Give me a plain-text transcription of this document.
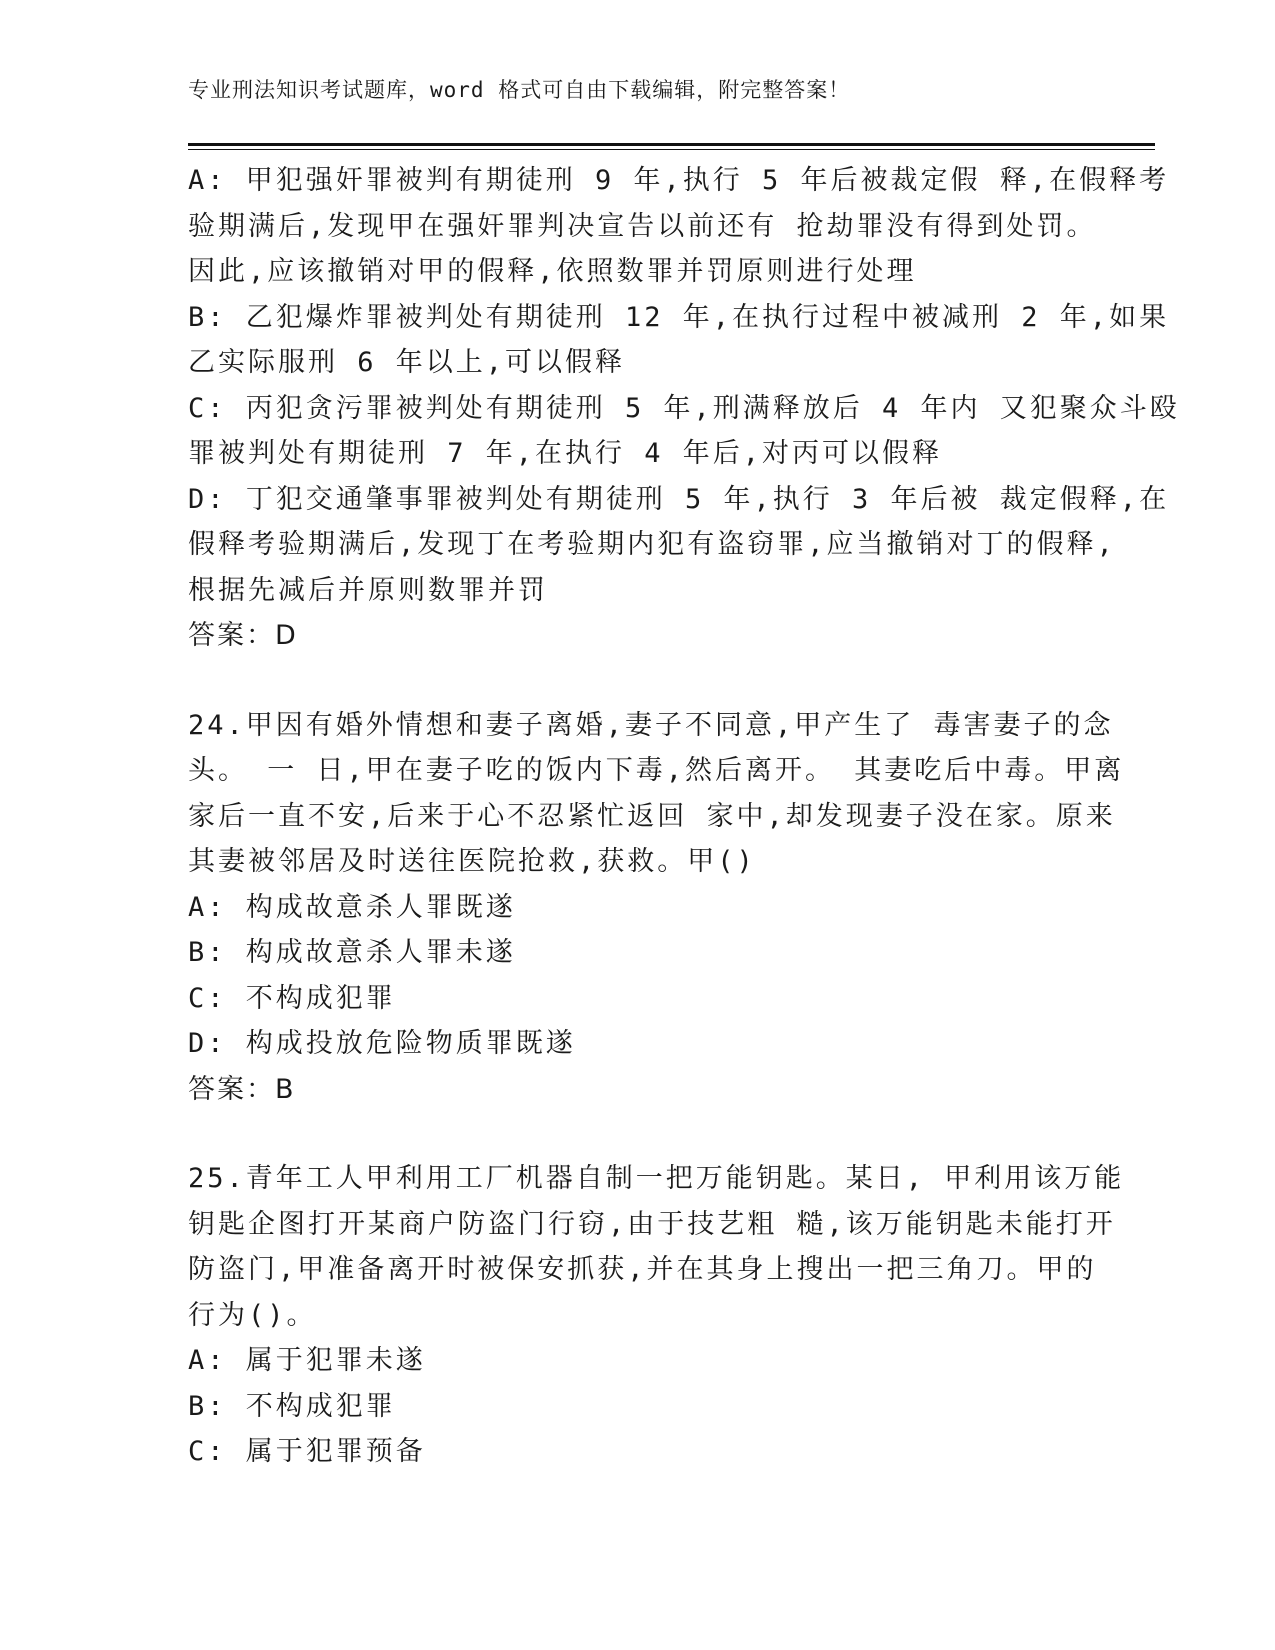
专业刑法知识考试题库，word 格式可自由下载编辑，附完整答案！
A: 甲犯强奸罪被判有期徒刑 9 年,执行 5 年后被裁定假 释,在假释考
验期满后,发现甲在强奸罪判决宣告以前还有 抢劫罪没有得到处罚。
因此,应该撤销对甲的假释,依照数罪并罚原则进行处理
B: 乙犯爆炸罪被判处有期徒刑 12 年,在执行过程中被减刑 2 年,如果
乙实际服刑 6 年以上,可以假释
C: 丙犯贪污罪被判处有期徒刑 5 年,刑满释放后 4 年内 又犯聚众斗殴
罪被判处有期徒刑 7 年,在执行 4 年后,对丙可以假释
D: 丁犯交通肇事罪被判处有期徒刑 5 年,执行 3 年后被 裁定假释,在
假释考验期满后,发现丁在考验期内犯有盗窃罪,应当撤销对丁的假释,
根据先减后并原则数罪并罚
答案：D
24.甲因有婚外情想和妻子离婚,妻子不同意,甲产生了 毒害妻子的念
头。 一 日,甲在妻子吃的饭内下毒,然后离开。 其妻吃后中毒。甲离
家后一直不安,后来于心不忍紧忙返回 家中,却发现妻子没在家。原来
其妻被邻居及时送往医院抢救,获救。甲()
A: 构成故意杀人罪既遂
B: 构成故意杀人罪未遂
C: 不构成犯罪
D: 构成投放危险物质罪既遂
答案：B
25.青年工人甲利用工厂机器自制一把万能钥匙。某日, 甲利用该万能
钥匙企图打开某商户防盗门行窃,由于技艺粗 糙,该万能钥匙未能打开
防盗门,甲准备离开时被保安抓获,并在其身上搜出一把三角刀。甲的
行为()。
A: 属于犯罪未遂
B: 不构成犯罪
C: 属于犯罪预备
